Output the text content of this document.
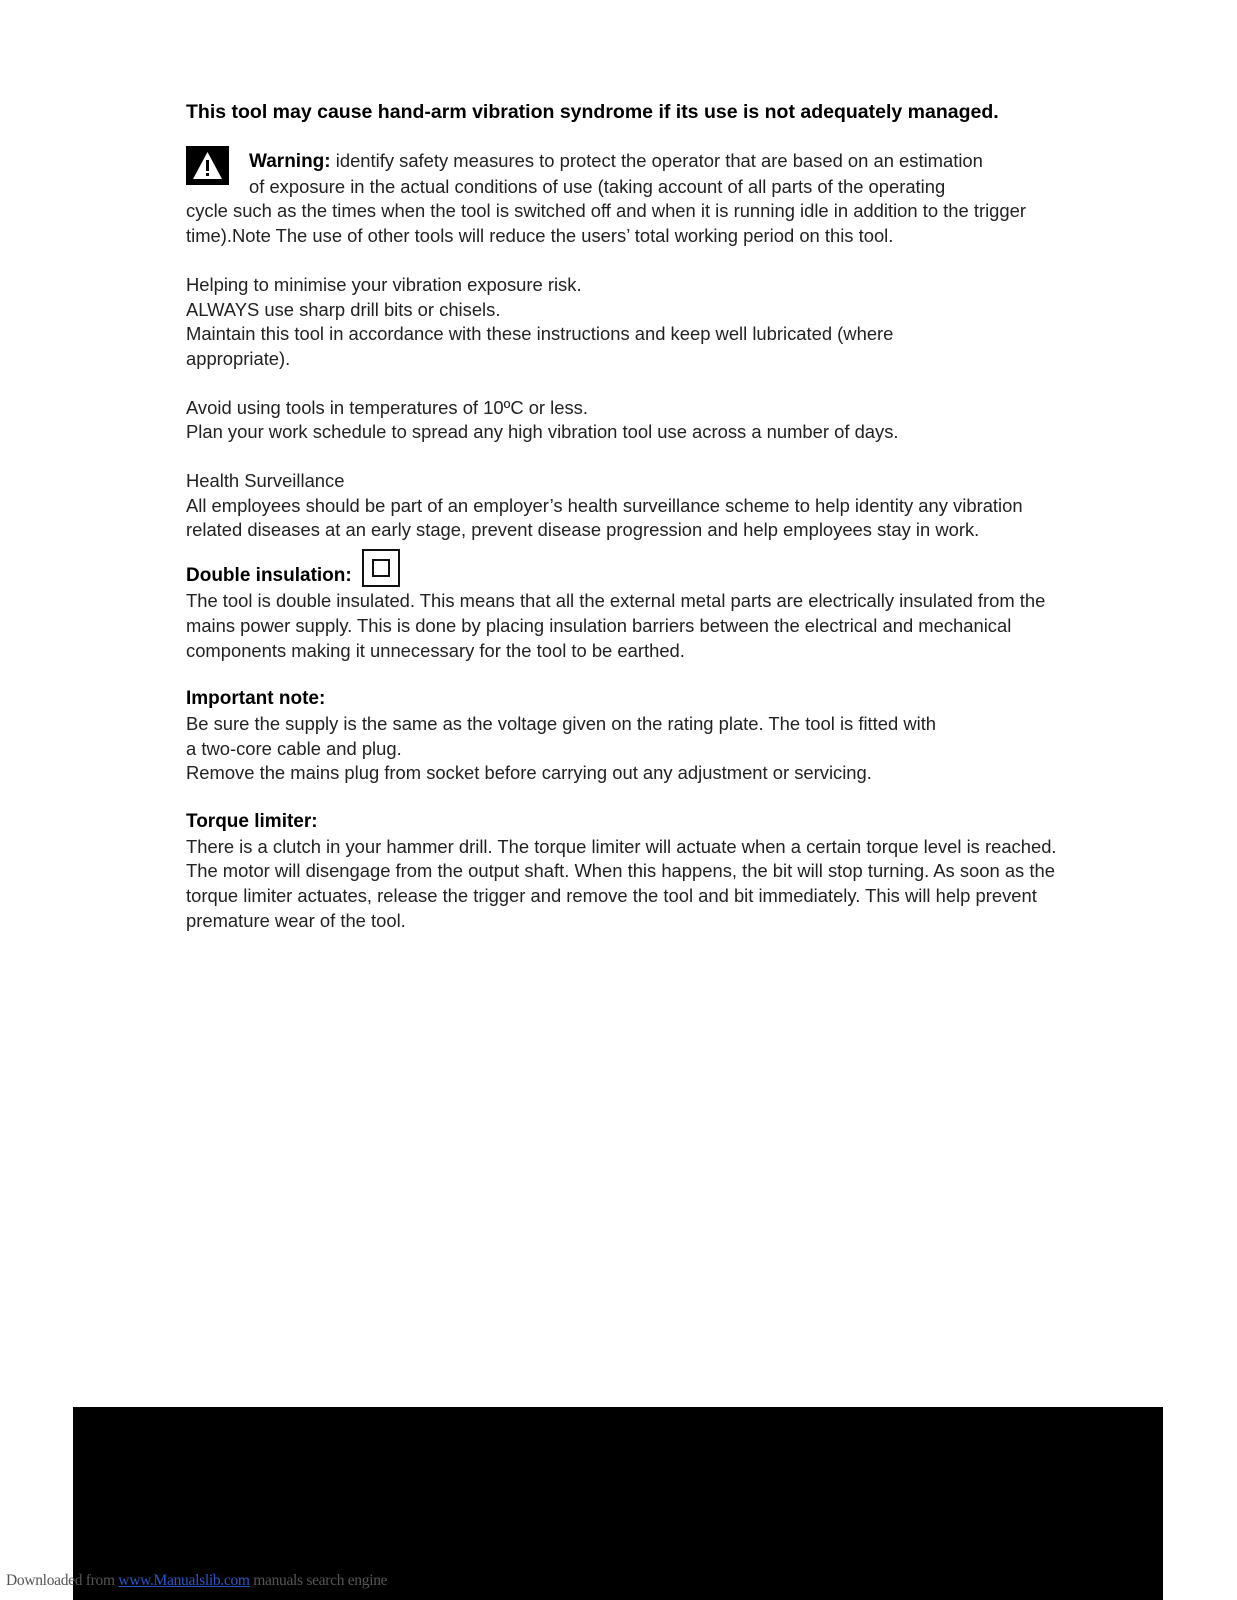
This tool may cause hand-arm vibration syndrome if its use is not adequately managed.

Warning: identify safety measures to protect the operator that are based on an estimation
of exposure in the actual conditions of use (taking account of all parts of the operating
cycle such as the times when the tool is switched off and when it is running idle in addition to the trigger time).Note The use of other tools will reduce the users’ total working period on this tool.

Helping to minimise your vibration exposure risk.

ALWAYS use sharp drill bits or chisels.

Maintain this tool in accordance with these instructions and keep well lubricated (where appropriate).

Avoid using tools in temperatures of 10ºC or less.

Plan your work schedule to spread any high vibration tool use across a number of days.

Health Surveillance

All employees should be part of an employer’s health surveillance scheme to help identity any vibration related diseases at an early stage, prevent disease progression and help employees stay in work.

Double insulation:

The tool is double insulated. This means that all the external metal parts are electrically insulated from the mains power supply. This is done by placing insulation barriers between the electrical and mechanical components making it unnecessary for the tool to be earthed.

Important note:

Be sure the supply is the same as the voltage given on the rating plate. The tool is fitted with

a two-core cable and plug.

Remove the mains plug from socket before carrying out any adjustment or servicing.

Torque limiter:

There is a clutch in your hammer drill. The torque limiter will actuate when a certain torque level is reached. The motor will disengage from the output shaft. When this happens, the bit will stop turning. As soon as the torque limiter actuates, release the trigger and remove the tool and bit immediately. This will help prevent premature wear of the tool.

Downloaded from www.Manualslib.com manuals search engine
